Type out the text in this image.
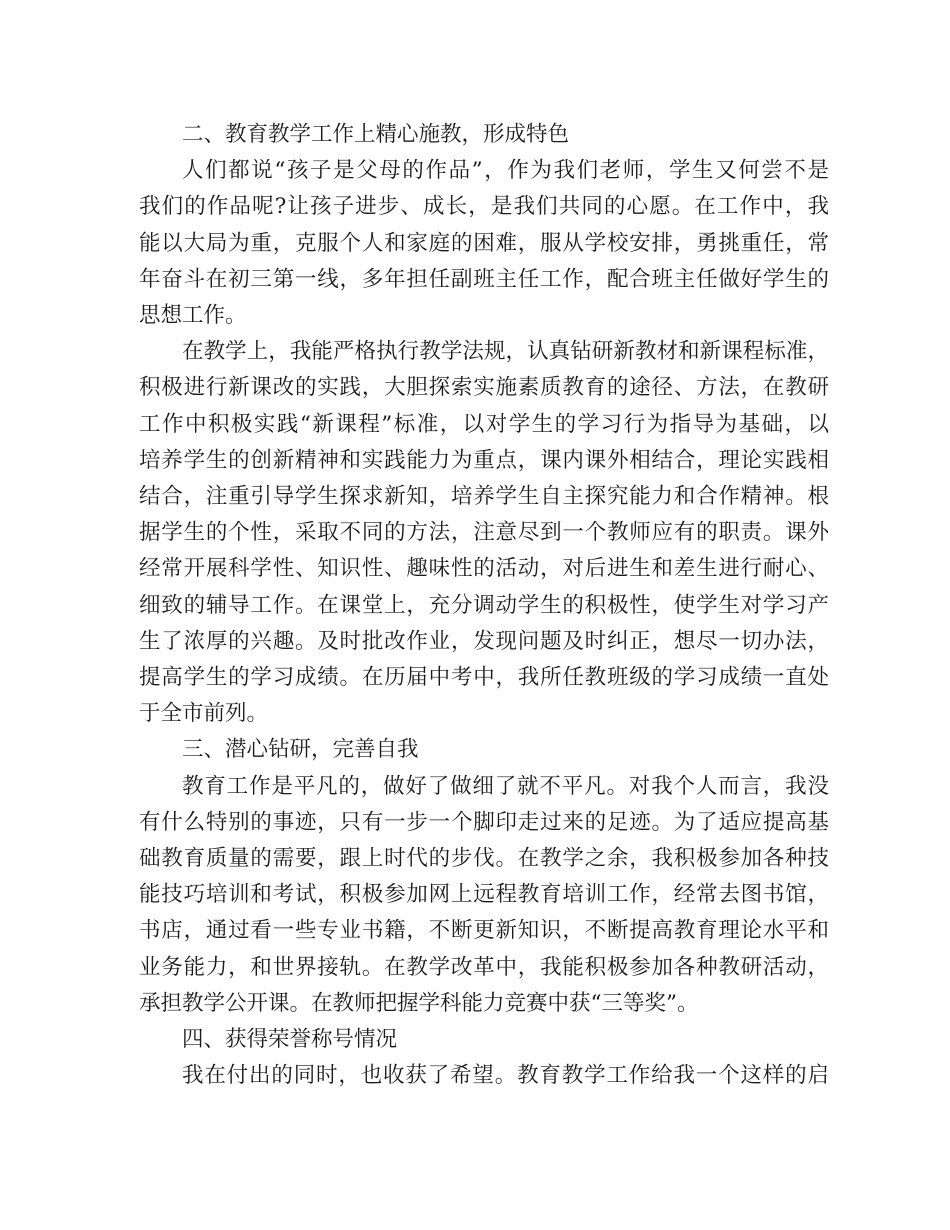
二、教育教学工作上精心施教，形成特色
人们都说“孩子是父母的作品”，作为我们老师，学生又何尝不是
我们的作品呢?让孩子进步、成长，是我们共同的心愿。在工作中，我
能以大局为重，克服个人和家庭的困难，服从学校安排，勇挑重任，常
年奋斗在初三第一线，多年担任副班主任工作，配合班主任做好学生的
思想工作。
在教学上，我能严格执行教学法规，认真钻研新教材和新课程标准，
积极进行新课改的实践，大胆探索实施素质教育的途径、方法，在教研
工作中积极实践“新课程”标准，以对学生的学习行为指导为基础，以
培养学生的创新精神和实践能力为重点，课内课外相结合，理论实践相
结合，注重引导学生探求新知，培养学生自主探究能力和合作精神。根
据学生的个性，采取不同的方法，注意尽到一个教师应有的职责。课外
经常开展科学性、知识性、趣味性的活动，对后进生和差生进行耐心、
细致的辅导工作。在课堂上，充分调动学生的积极性，使学生对学习产
生了浓厚的兴趣。及时批改作业，发现问题及时纠正，想尽一切办法，
提高学生的学习成绩。在历届中考中，我所任教班级的学习成绩一直处
于全市前列。
三、潜心钻研，完善自我
教育工作是平凡的，做好了做细了就不平凡。对我个人而言，我没
有什么特别的事迹，只有一步一个脚印走过来的足迹。为了适应提高基
础教育质量的需要，跟上时代的步伐。在教学之余，我积极参加各种技
能技巧培训和考试，积极参加网上远程教育培训工作，经常去图书馆，
书店，通过看一些专业书籍，不断更新知识，不断提高教育理论水平和
业务能力，和世界接轨。在教学改革中，我能积极参加各种教研活动，
承担教学公开课。在教师把握学科能力竞赛中获“三等奖”。
四、获得荣誉称号情况
我在付出的同时，也收获了希望。教育教学工作给我一个这样的启
